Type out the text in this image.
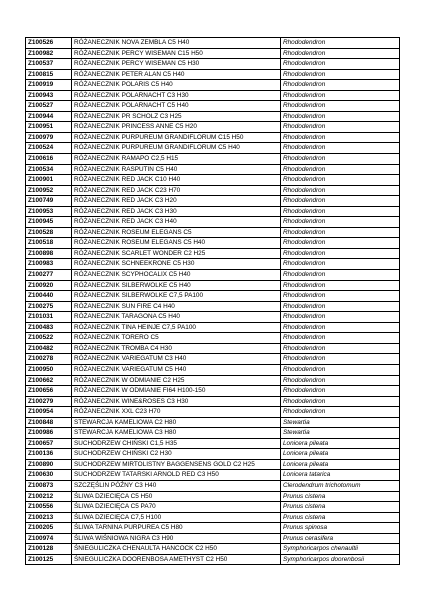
Z100526	RÓŻANECZNIK NOVA ZEMBLA C5 H40	Rhododendron
Z100982	RÓŻANECZNIK PERCY WISEMAN C15 H50	Rhododendron
Z100537	RÓŻANECZNIK PERCY WISEMAN C5 H30	Rhododendron
Z100815	RÓŻANECZNIK PETER ALAN C5 H40	Rhododendron
Z100919	RÓŻANECZNIK POLARIS C5 H40	Rhododendron
Z100943	RÓŻANECZNIK POLARNACHT C3 H30	Rhododendron
Z100527	RÓŻANECZNIK POLARNACHT C5 H40	Rhododendron
Z100944	RÓŻANECZNIK PR SCHOLZ C3 H25	Rhododendron
Z100951	RÓŻANECZNIK PRINCESS ANNE C5 H20	Rhododendron
Z100979	RÓŻANECZNIK PURPUREUM GRANDIFLORUM C15 H50	Rhododendron
Z100524	RÓŻANECZNIK PURPUREUM GRANDIFLORUM C5 H40	Rhododendron
Z100616	RÓŻANECZNIK RAMAPO C2,5 H15	Rhododendron
Z100534	RÓŻANECZNIK RASPUTIN C5 H40	Rhododendron
Z100901	RÓŻANECZNIK RED JACK C10 H40	Rhododendron
Z100952	RÓŻANECZNIK RED JACK C23 H70	Rhododendron
Z100749	RÓŻANECZNIK RED JACK C3 H20	Rhododendron
Z100953	RÓŻANECZNIK RED JACK C3 H30	Rhododendron
Z100945	RÓŻANECZNIK RED JACK C3 H40	Rhododendron
Z100528	RÓŻANECZNIK ROSEUM ELEGANS C5	Rhododendron
Z100518	RÓŻANECZNIK ROSEUM ELEGANS C5 H40	Rhododendron
Z100898	RÓŻANECZNIK SCARLET WONDER C2 H25	Rhododendron
Z100983	RÓŻANECZNIK SCHNEEKRONE C5 H30	Rhododendron
Z100277	RÓŻANECZNIK SCYPHOCALIX C5 H40	Rhododendron
Z100920	RÓŻANECZNIK SILBERWOLKE C5 H40	Rhododendron
Z100440	RÓŻANECZNIK SILBERWOLKE C7,5 PA100	Rhododendron
Z100275	RÓŻANECZNIK SUN FIRE C4 H40	Rhododendron
Z101031	RÓŻANECZNIK TARAGONA C5 H40	Rhododendron
Z100483	RÓŻANECZNIK TINA HEINJE C7,5 PA100	Rhododendron
Z100522	RÓŻANECZNIK TORERO C5	Rhododendron
Z100482	RÓŻANECZNIK TROMBA C4 H30	Rhododendron
Z100278	RÓŻANECZNIK VARIEGATUM C3 H40	Rhododendron
Z100950	RÓŻANECZNIK VARIEGATUM C5 H40	Rhododendron
Z100662	RÓŻANECZNIK W ODMIANIE C2 H25	Rhododendron
Z100656	RÓŻANECZNIK W ODMIANIE FI64 H100-150	Rhododendron
Z100279	RÓŻANECZNIK WINE&ROSES C3 H30	Rhododendron
Z100954	RÓŻANECZNIK XXL C23 H70	Rhododendron
Z100848	STEWARCJA KAMELIOWA C2 H80	Stewartia
Z100986	STEWARCJA KAMELIOWA C3 H80	Stewartia
Z100657	SUCHODRZEW CHIŃSKI C1,5 H35	Lonicera pileata
Z100136	SUCHODRZEW CHIŃSKI C2 H30	Lonicera pileata
Z100890	SUCHODRZEW MIRTOLISTNY BAGGENSENS GOLD C2 H25	Lonicera pileata
Z100630	SUCHODRZEW TATARSKI ARNOLD RED C3 H50	Lonicera tatarica
Z100873	SZCZĘŚLIN PÓŹNY C3 H40	Clerodendrum trichotomum
Z100212	ŚLIWA DZIECIĘCA C5 H50	Prunus cistena
Z100556	ŚLIWA DZIECIĘCA C5 PA70	Prunus cistena
Z100213	ŚLIWA DZIECIĘCA C7,5 H100	Prunus cistena
Z100205	ŚLIWA TARNINA PURPUREA C5 H80	Prunus spinosa
Z100974	ŚLIWA WIŚNIOWA NIGRA C3 H90	Prunus cerasifera
Z100128	ŚNIEGULICZKA CHENAULTA HANCOCK C2 H50	Symphoricarpos chenaultii
Z100125	ŚNIEGULICZKA DOORENBOSA AMETHYST C2 H50	Symphoricarpos doorenbosii
